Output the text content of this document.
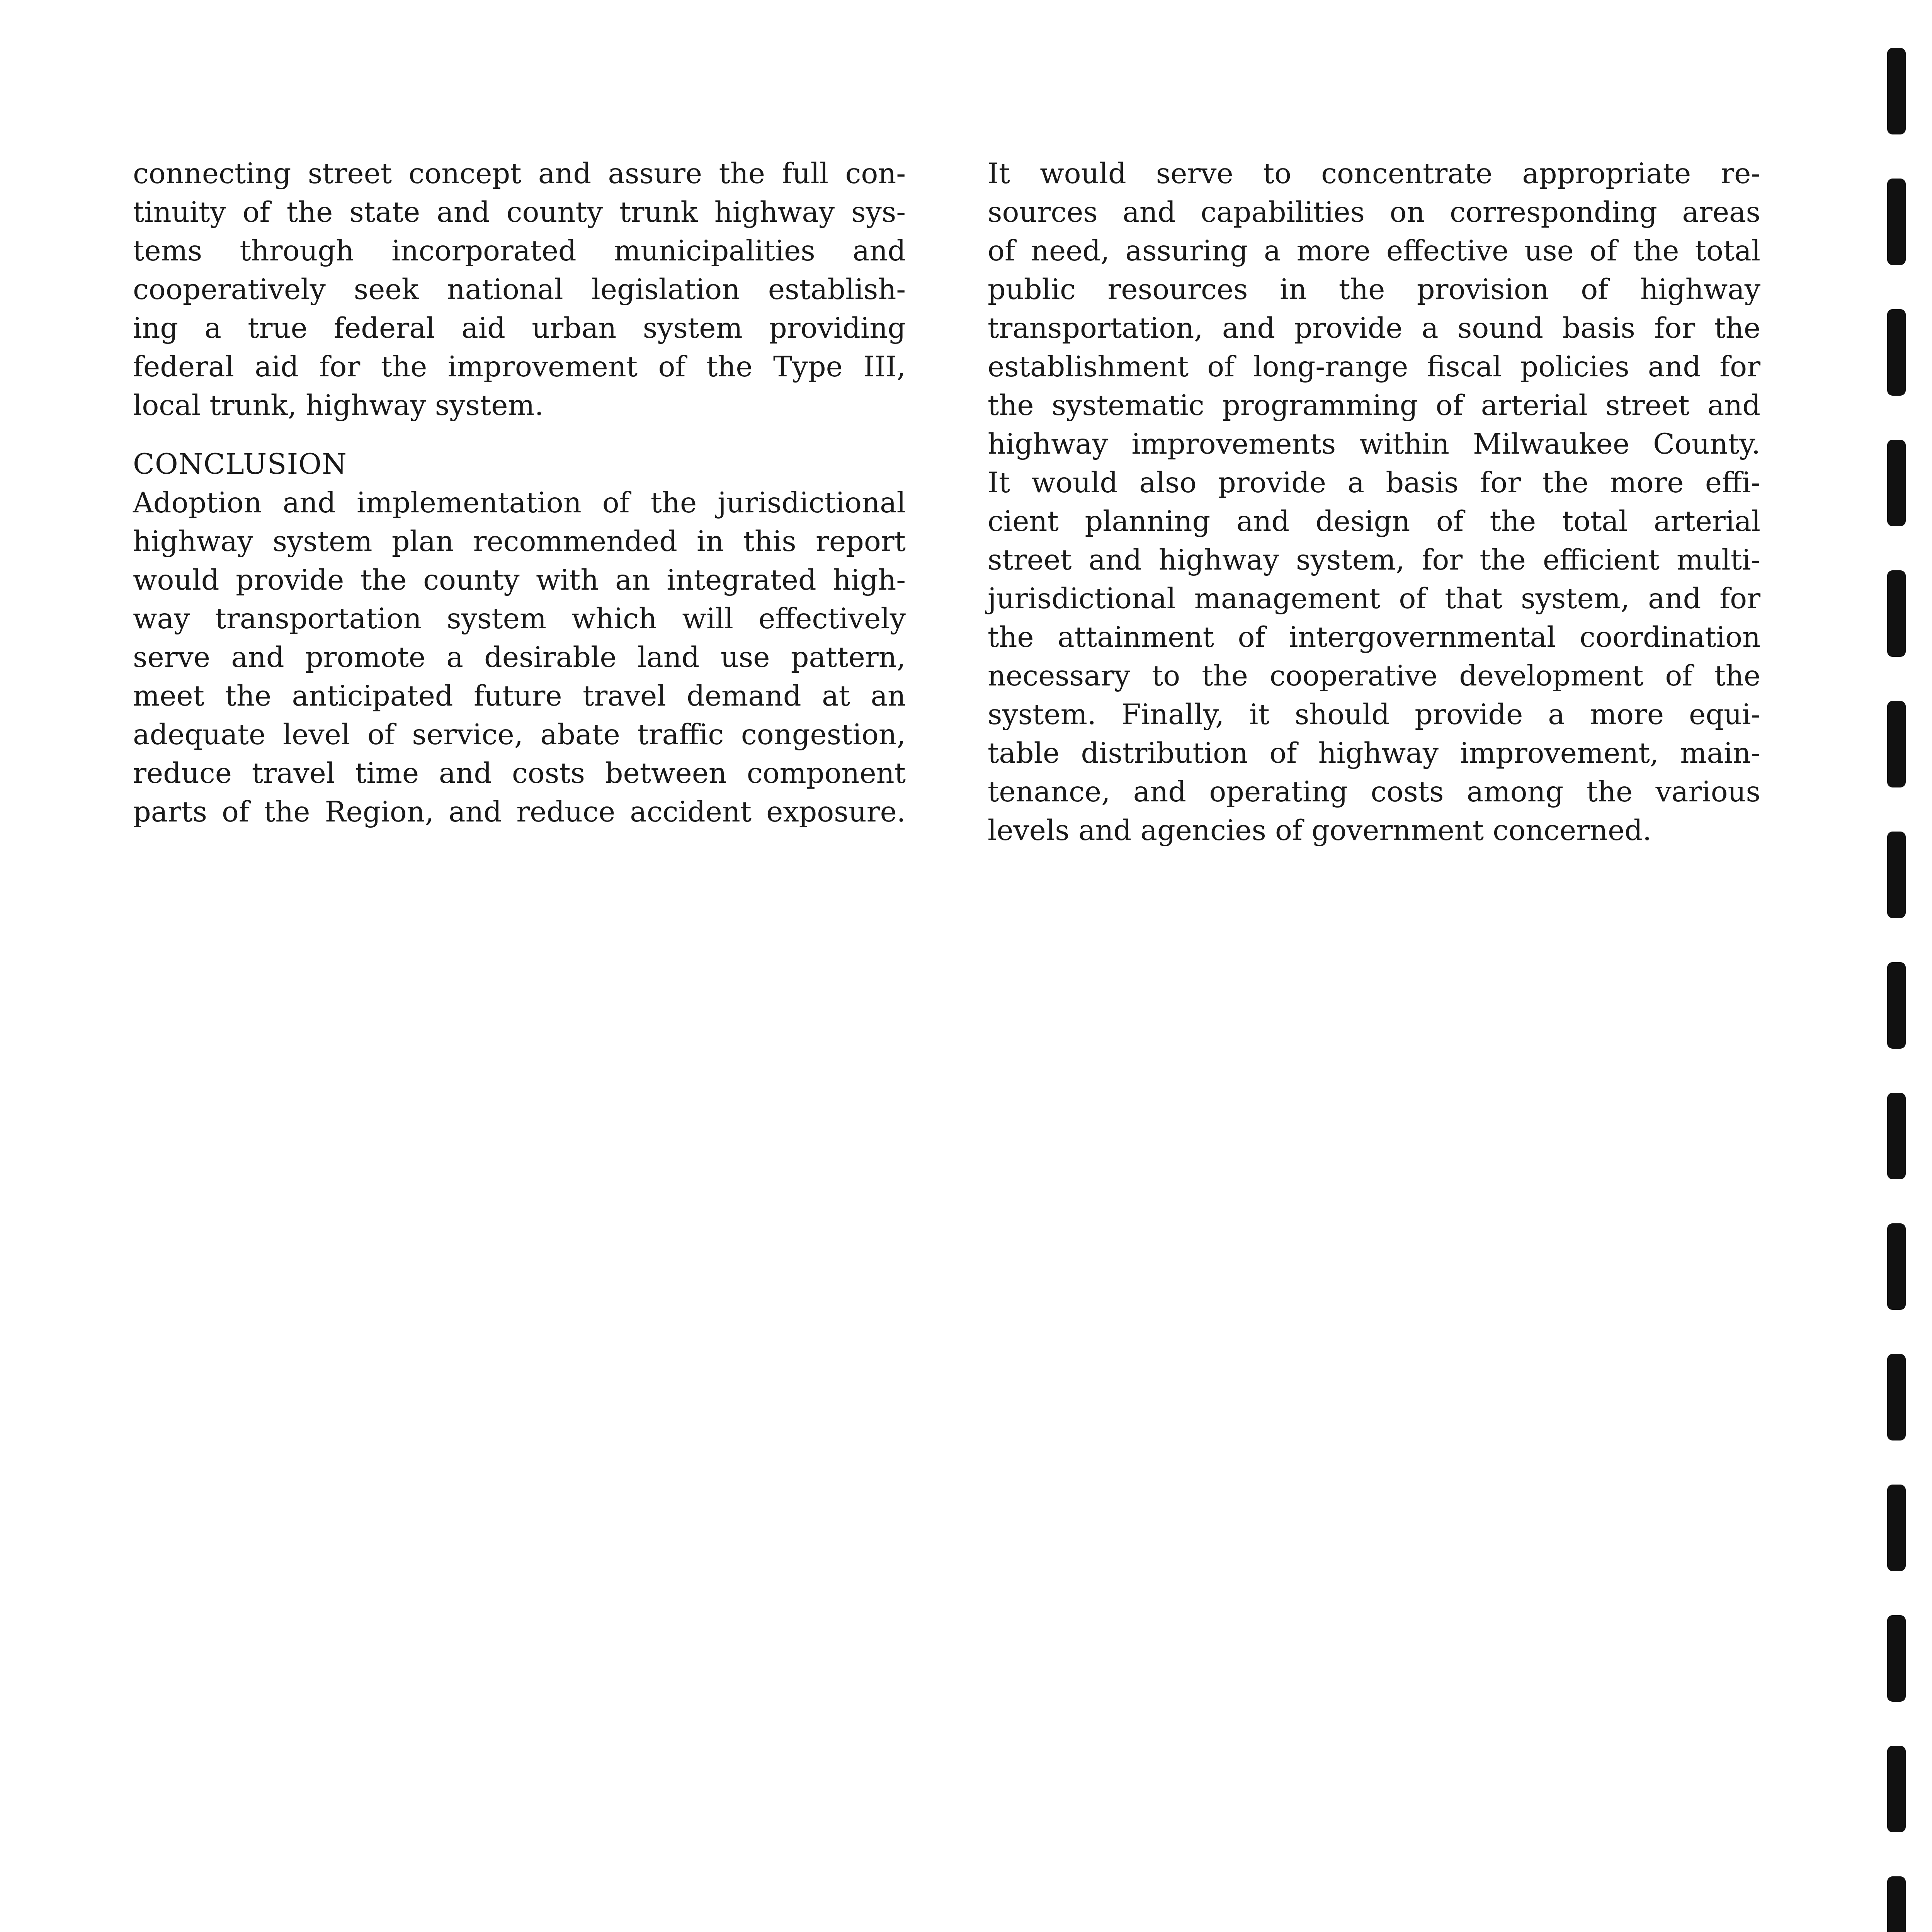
connecting street concept and assure the full con-
tinuity of the state and county trunk highway sys-
tems through incorporated municipalities and
cooperatively seek national legislation establish-
ing a true federal aid urban system providing
federal aid for the improvement of the Type III,
local trunk, highway system.
CONCLUSION
Adoption and implementation of the jurisdictional
highway system plan recommended in this report
would provide the county with an integrated high-
way transportation system which will effectively
serve and promote a desirable land use pattern,
meet the anticipated future travel demand at an
adequate level of service, abate traffic congestion,
reduce travel time and costs between component
parts of the Region, and reduce accident exposure.
It would serve to concentrate appropriate re-
sources and capabilities on corresponding areas
of need, assuring a more effective use of the total
public resources in the provision of highway
transportation, and provide a sound basis for the
establishment of long-range fiscal policies and for
the systematic programming of arterial street and
highway improvements within Milwaukee County.
It would also provide a basis for the more effi-
cient planning and design of the total arterial
street and highway system, for the efficient multi-
jurisdictional management of that system, and for
the attainment of intergovernmental coordination
necessary to the cooperative development of the
system. Finally, it should provide a more equi-
table distribution of highway improvement, main-
tenance, and operating costs among the various
levels and agencies of government concerned.
